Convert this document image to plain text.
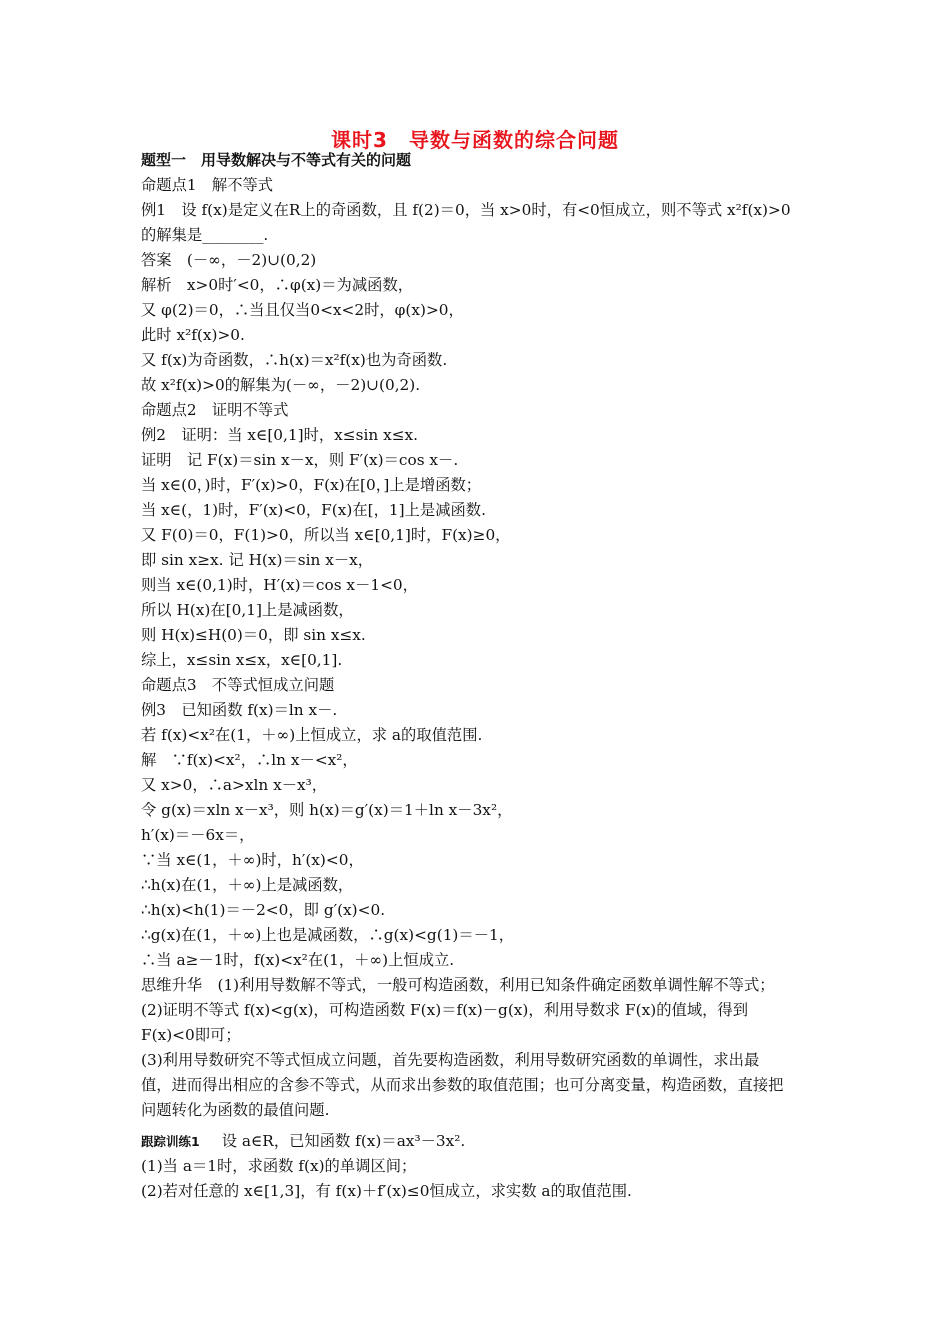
课时3　导数与函数的综合问题
题型一　用导数解决与不等式有关的问题
命题点1　解不等式
例1　设 f(x)是定义在R上的奇函数，且 f(2)＝0，当 x>0时，有<0恒成立，则不等式 x²f(x)>0
的解集是________.
答案　(－∞，－2)∪(0,2)
解析　x>0时′<0，∴φ(x)＝为减函数，
又 φ(2)＝0，∴当且仅当0<x<2时，φ(x)>0，
此时 x²f(x)>0.
又 f(x)为奇函数，∴h(x)＝x²f(x)也为奇函数.
故 x²f(x)>0的解集为(－∞，－2)∪(0,2).
命题点2　证明不等式
例2　证明：当 x∈[0,1]时，x≤sin x≤x.
证明　记 F(x)＝sin x－x，则 F′(x)＝cos x－.
当 x∈(0，)时，F′(x)>0，F(x)在[0，]上是增函数；
当 x∈(，1)时，F′(x)<0，F(x)在[，1]上是减函数.
又 F(0)＝0，F(1)>0，所以当 x∈[0,1]时，F(x)≥0，
即 sin x≥x. 记 H(x)＝sin x－x，
则当 x∈(0,1)时，H′(x)＝cos x－1<0，
所以 H(x)在[0,1]上是减函数，
则 H(x)≤H(0)＝0，即 sin x≤x.
综上，x≤sin x≤x，x∈[0,1].
命题点3　不等式恒成立问题
例3　已知函数 f(x)＝ln x－.
若 f(x)<x²在(1，＋∞)上恒成立，求 a的取值范围.
解　∵f(x)<x²，∴ln x－<x²，
又 x>0，∴a>xln x－x³，
令 g(x)＝xln x－x³，则 h(x)＝g′(x)＝1＋ln x－3x²，
h′(x)＝－6x＝，
∵当 x∈(1，＋∞)时，h′(x)<0，
∴h(x)在(1，＋∞)上是减函数，
∴h(x)<h(1)＝－2<0，即 g′(x)<0.
∴g(x)在(1，＋∞)上也是减函数，∴g(x)<g(1)＝－1，
∴当 a≥－1时，f(x)<x²在(1，＋∞)上恒成立.
思维升华　(1)利用导数解不等式，一般可构造函数，利用已知条件确定函数单调性解不等式；
(2)证明不等式 f(x)<g(x)，可构造函数 F(x)＝f(x)－g(x)，利用导数求 F(x)的值域，得到
F(x)<0即可；
(3)利用导数研究不等式恒成立问题，首先要构造函数，利用导数研究函数的单调性，求出最
值，进而得出相应的含参不等式，从而求出参数的取值范围；也可分离变量，构造函数，直接把
问题转化为函数的最值问题.
跟踪训练1 设 a∈R，已知函数 f(x)＝ax³－3x².
(1)当 a＝1时，求函数 f(x)的单调区间；
(2)若对任意的 x∈[1,3]，有 f(x)＋f′(x)≤0恒成立，求实数 a的取值范围.
